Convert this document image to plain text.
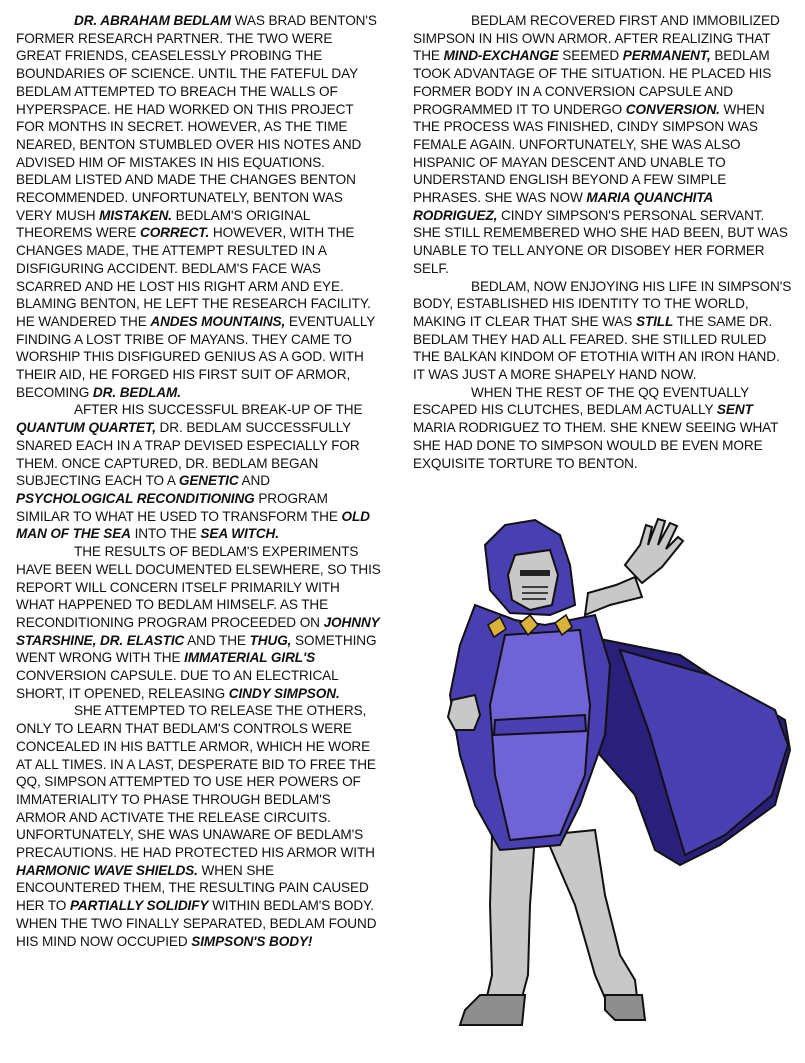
DR. ABRAHAM BEDLAM WAS BRAD BENTON'S FORMER RESEARCH PARTNER. THE TWO WERE GREAT FRIENDS, CEASELESSLY PROBING THE BOUNDARIES OF SCIENCE. UNTIL THE FATEFUL DAY BEDLAM ATTEMPTED TO BREACH THE WALLS OF HYPERSPACE. HE HAD WORKED ON THIS PROJECT FOR MONTHS IN SECRET. HOWEVER, AS THE TIME NEARED, BENTON STUMBLED OVER HIS NOTES AND ADVISED HIM OF MISTAKES IN HIS EQUATIONS. BEDLAM LISTED AND MADE THE CHANGES BENTON RECOMMENDED. UNFORTUNATELY, BENTON WAS VERY MUSH MISTAKEN. BEDLAM'S ORIGINAL THEOREMS WERE CORRECT. HOWEVER, WITH THE CHANGES MADE, THE ATTEMPT RESULTED IN A DISFIGURING ACCIDENT. BEDLAM'S FACE WAS SCARRED AND HE LOST HIS RIGHT ARM AND EYE. BLAMING BENTON, HE LEFT THE RESEARCH FACILITY. HE WANDERED THE ANDES MOUNTAINS, EVENTUALLY FINDING A LOST TRIBE OF MAYANS. THEY CAME TO WORSHIP THIS DISFIGURED GENIUS AS A GOD. WITH THEIR AID, HE FORGED HIS FIRST SUIT OF ARMOR, BECOMING DR. BEDLAM.

AFTER HIS SUCCESSFUL BREAK-UP OF THE QUANTUM QUARTET, DR. BEDLAM SUCCESSFULLY SNARED EACH IN A TRAP DEVISED ESPECIALLY FOR THEM. ONCE CAPTURED, DR. BEDLAM BEGAN SUBJECTING EACH TO A GENETIC AND PSYCHOLOGICAL RECONDITIONING PROGRAM SIMILAR TO WHAT HE USED TO TRANSFORM THE OLD MAN OF THE SEA INTO THE SEA WITCH.

THE RESULTS OF BEDLAM'S EXPERIMENTS HAVE BEEN WELL DOCUMENTED ELSEWHERE, SO THIS REPORT WILL CONCERN ITSELF PRIMARILY WITH WHAT HAPPENED TO BEDLAM HIMSELF. AS THE RECONDITIONING PROGRAM PROCEEDED ON JOHNNY STARSHINE, DR. ELASTIC AND THE THUG, SOMETHING WENT WRONG WITH THE IMMATERIAL GIRL'S CONVERSION CAPSULE. DUE TO AN ELECTRICAL SHORT, IT OPENED, RELEASING CINDY SIMPSON.

SHE ATTEMPTED TO RELEASE THE OTHERS, ONLY TO LEARN THAT BEDLAM'S CONTROLS WERE CONCEALED IN HIS BATTLE ARMOR, WHICH HE WORE AT ALL TIMES. IN A LAST, DESPERATE BID TO FREE THE QQ, SIMPSON ATTEMPTED TO USE HER POWERS OF IMMATERIALITY TO PHASE THROUGH BEDLAM'S ARMOR AND ACTIVATE THE RELEASE CIRCUITS. UNFORTUNATELY, SHE WAS UNAWARE OF BEDLAM'S PRECAUTIONS. HE HAD PROTECTED HIS ARMOR WITH HARMONIC WAVE SHIELDS. WHEN SHE ENCOUNTERED THEM, THE RESULTING PAIN CAUSED HER TO PARTIALLY SOLIDIFY WITHIN BEDLAM'S BODY. WHEN THE TWO FINALLY SEPARATED, BEDLAM FOUND HIS MIND NOW OCCUPIED SIMPSON'S BODY!

BEDLAM RECOVERED FIRST AND IMMOBILIZED SIMPSON IN HIS OWN ARMOR. AFTER REALIZING THAT THE MIND-EXCHANGE SEEMED PERMANENT, BEDLAM TOOK ADVANTAGE OF THE SITUATION. HE PLACED HIS FORMER BODY IN A CONVERSION CAPSULE AND PROGRAMMED IT TO UNDERGO CONVERSION. WHEN THE PROCESS WAS FINISHED, CINDY SIMPSON WAS FEMALE AGAIN. UNFORTUNATELY, SHE WAS ALSO HISPANIC OF MAYAN DESCENT AND UNABLE TO UNDERSTAND ENGLISH BEYOND A FEW SIMPLE PHRASES. SHE WAS NOW MARIA QUANCHITA RODRIGUEZ, CINDY SIMPSON'S PERSONAL SERVANT. SHE STILL REMEMBERED WHO SHE HAD BEEN, BUT WAS UNABLE TO TELL ANYONE OR DISOBEY HER FORMER SELF.

BEDLAM, NOW ENJOYING HIS LIFE IN SIMPSON'S BODY, ESTABLISHED HIS IDENTITY TO THE WORLD, MAKING IT CLEAR THAT SHE WAS STILL THE SAME DR. BEDLAM THEY HAD ALL FEARED. SHE STILLED RULED THE BALKAN KINDOM OF ETOTHIA WITH AN IRON HAND. IT WAS JUST A MORE SHAPELY HAND NOW.

WHEN THE REST OF THE QQ EVENTUALLY ESCAPED HIS CLUTCHES, BEDLAM ACTUALLY SENT MARIA RODRIGUEZ TO THEM. SHE KNEW SEEING WHAT SHE HAD DONE TO SIMPSON WOULD BE EVEN MORE EXQUISITE TORTURE TO BENTON.
